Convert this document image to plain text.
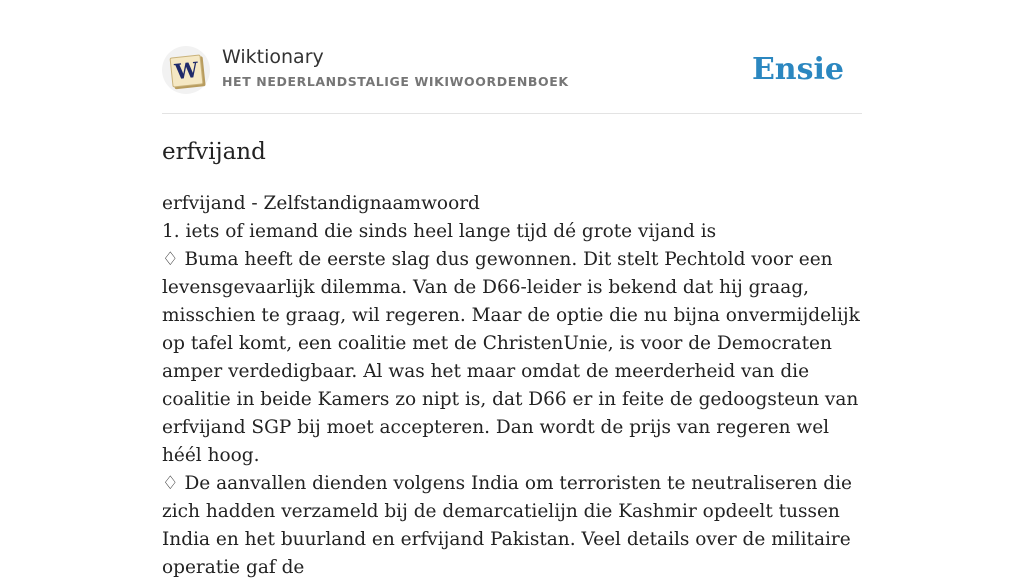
W Wiktionary
HET NEDERLANDSTALIGE WIKIWOORDENBOEK	Ensie
erfvijand

erfvijand - Zelfstandignaamwoord

1. iets of iemand die sinds heel lange tijd dé grote vijand is

♢ Buma heeft de eerste slag dus gewonnen. Dit stelt Pechtold voor een levensgevaarlijk dilemma. Van de D66-leider is bekend dat hij graag, misschien te graag, wil regeren. Maar de optie die nu bijna onvermijdelijk op tafel komt, een coalitie met de ChristenUnie, is voor de Democraten amper verdedigbaar. Al was het maar omdat de meerderheid van die coalitie in beide Kamers zo nipt is, dat D66 er in feite de gedoogsteun van erfvijand SGP bij moet accepteren. Dan wordt de prijs van regeren wel héél hoog.

♢ De aanvallen dienden volgens India om terroristen te neutraliseren die zich hadden verzameld bij de demarcatielijn die Kashmir opdeelt tussen India en het buurland en erfvijand Pakistan. Veel details over de militaire operatie gaf de
